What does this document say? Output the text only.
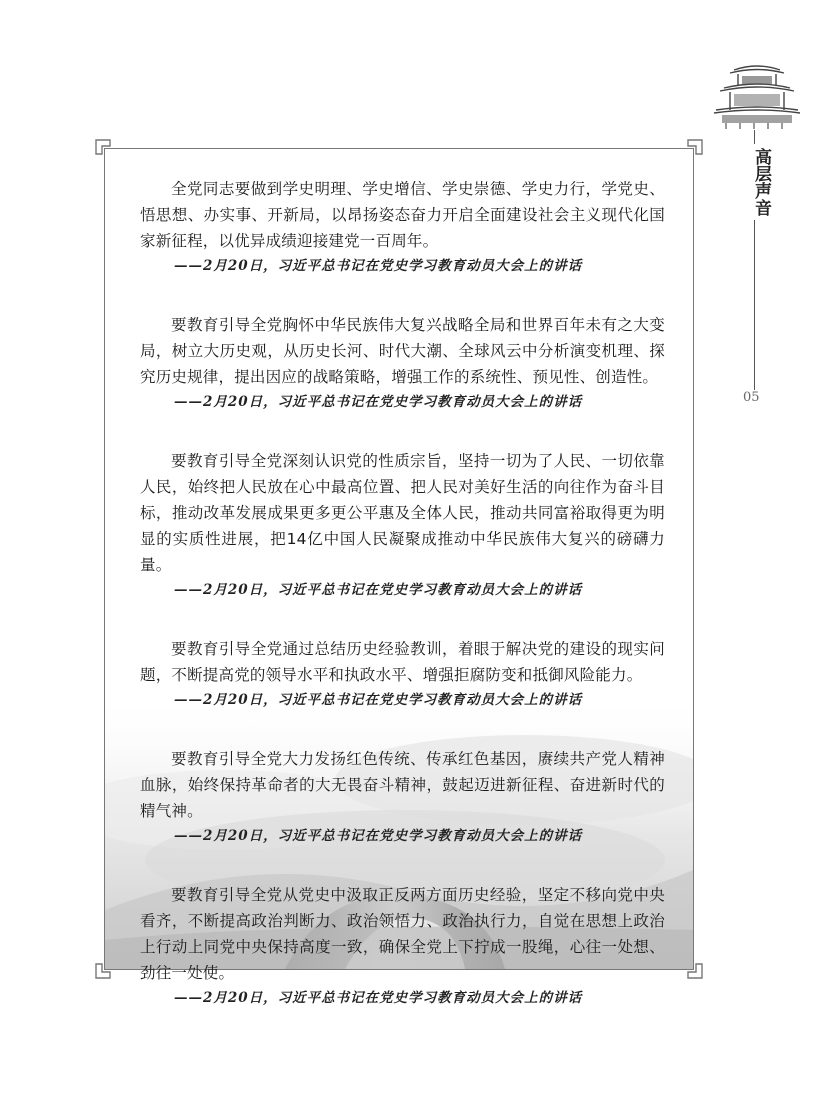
高层声音
05

全党同志要做到学史明理、学史增信、学史崇德、学史力行，学党史、悟思想、办实事、开新局，以昂扬姿态奋力开启全面建设社会主义现代化国家新征程，以优异成绩迎接建党一百周年。

——2月20日，习近平总书记在党史学习教育动员大会上的讲话

要教育引导全党胸怀中华民族伟大复兴战略全局和世界百年未有之大变局，树立大历史观，从历史长河、时代大潮、全球风云中分析演变机理、探究历史规律，提出因应的战略策略，增强工作的系统性、预见性、创造性。

——2月20日，习近平总书记在党史学习教育动员大会上的讲话

要教育引导全党深刻认识党的性质宗旨，坚持一切为了人民、一切依靠人民，始终把人民放在心中最高位置、把人民对美好生活的向往作为奋斗目标，推动改革发展成果更多更公平惠及全体人民，推动共同富裕取得更为明显的实质性进展，把14亿中国人民凝聚成推动中华民族伟大复兴的磅礴力量。

——2月20日，习近平总书记在党史学习教育动员大会上的讲话

要教育引导全党通过总结历史经验教训，着眼于解决党的建设的现实问题，不断提高党的领导水平和执政水平、增强拒腐防变和抵御风险能力。

——2月20日，习近平总书记在党史学习教育动员大会上的讲话

要教育引导全党大力发扬红色传统、传承红色基因，赓续共产党人精神血脉，始终保持革命者的大无畏奋斗精神，鼓起迈进新征程、奋进新时代的精气神。

——2月20日，习近平总书记在党史学习教育动员大会上的讲话

要教育引导全党从党史中汲取正反两方面历史经验，坚定不移向党中央看齐，不断提高政治判断力、政治领悟力、政治执行力，自觉在思想上政治上行动上同党中央保持高度一致，确保全党上下拧成一股绳，心往一处想、劲往一处使。

——2月20日，习近平总书记在党史学习教育动员大会上的讲话
